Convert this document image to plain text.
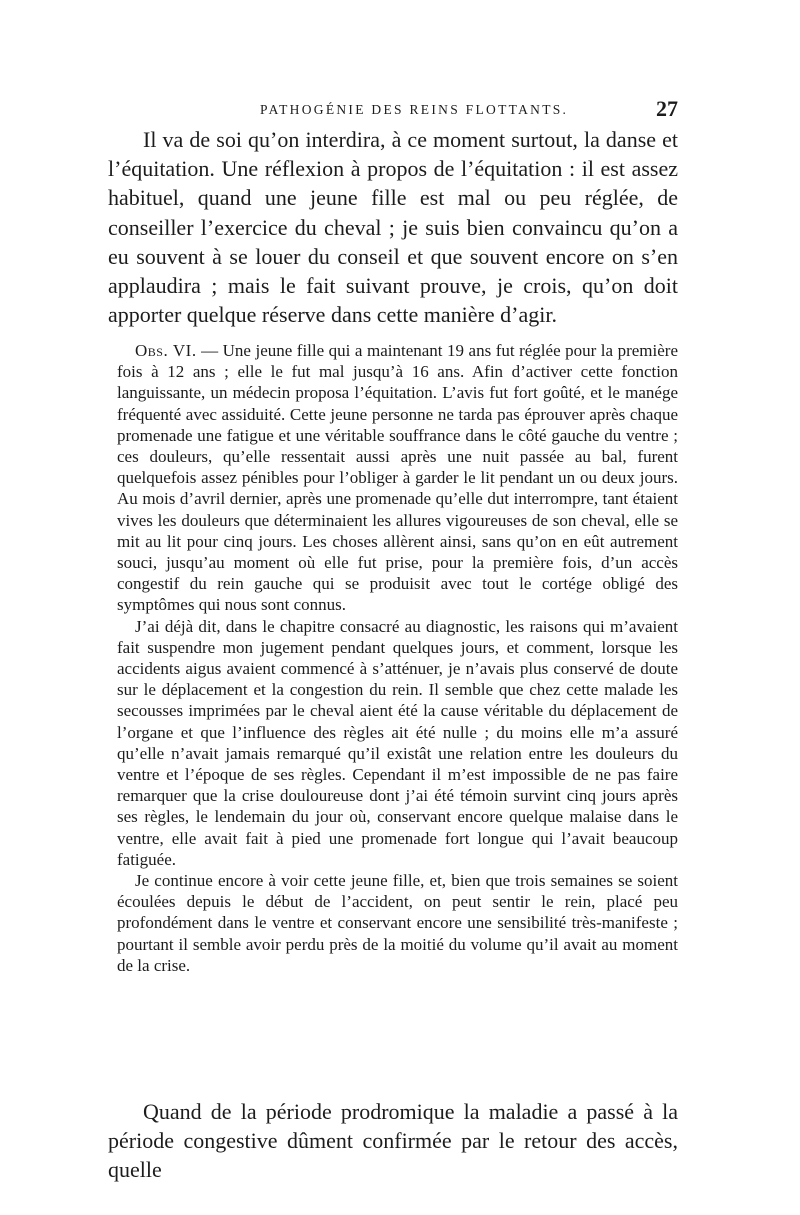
PATHOGÉNIE DES REINS FLOTTANTS.	27

Il va de soi qu’on interdira, à ce moment surtout, la danse et l’équitation. Une réflexion à propos de l’équitation : il est assez habituel, quand une jeune fille est mal ou peu réglée, de conseiller l’exercice du cheval ; je suis bien convaincu qu’on a eu souvent à se louer du conseil et que souvent encore on s’en applaudira ; mais le fait suivant prouve, je crois, qu’on doit apporter quelque réserve dans cette manière d’agir.

Obs. VI. — Une jeune fille qui a maintenant 19 ans fut réglée pour la première fois à 12 ans ; elle le fut mal jusqu’à 16 ans. Afin d’activer cette fonction languissante, un médecin proposa l’équitation. L’avis fut fort goûté, et le manége fréquenté avec assiduité. Cette jeune personne ne tarda pas éprouver après chaque promenade une fatigue et une véritable souffrance dans le côté gauche du ventre ; ces douleurs, qu’elle ressentait aussi après une nuit passée au bal, furent quelquefois assez pénibles pour l’obliger à garder le lit pendant un ou deux jours. Au mois d’avril dernier, après une promenade qu’elle dut interrompre, tant étaient vives les douleurs que déterminaient les allures vigoureuses de son cheval, elle se mit au lit pour cinq jours. Les choses allèrent ainsi, sans qu’on en eût autrement souci, jusqu’au moment où elle fut prise, pour la première fois, d’un accès congestif du rein gauche qui se produisit avec tout le cortége obligé des symptômes qui nous sont connus.

J’ai déjà dit, dans le chapitre consacré au diagnostic, les raisons qui m’avaient fait suspendre mon jugement pendant quelques jours, et comment, lorsque les accidents aigus avaient commencé à s’atténuer, je n’avais plus conservé de doute sur le déplacement et la congestion du rein. Il semble que chez cette malade les secousses imprimées par le cheval aient été la cause véritable du déplacement de l’organe et que l’influence des règles ait été nulle ; du moins elle m’a assuré qu’elle n’avait jamais remarqué qu’il existât une relation entre les douleurs du ventre et l’époque de ses règles. Cependant il m’est impossible de ne pas faire remarquer que la crise douloureuse dont j’ai été témoin survint cinq jours après ses règles, le lendemain du jour où, conservant encore quelque malaise dans le ventre, elle avait fait à pied une promenade fort longue qui l’avait beaucoup fatiguée.

Je continue encore à voir cette jeune fille, et, bien que trois semaines se soient écoulées depuis le début de l’accident, on peut sentir le rein, placé peu profondément dans le ventre et conservant encore une sensibilité très-manifeste ; pourtant il semble avoir perdu près de la moitié du volume qu’il avait au moment de la crise.

Quand de la période prodromique la maladie a passé à la période congestive dûment confirmée par le retour des accès, quelle
